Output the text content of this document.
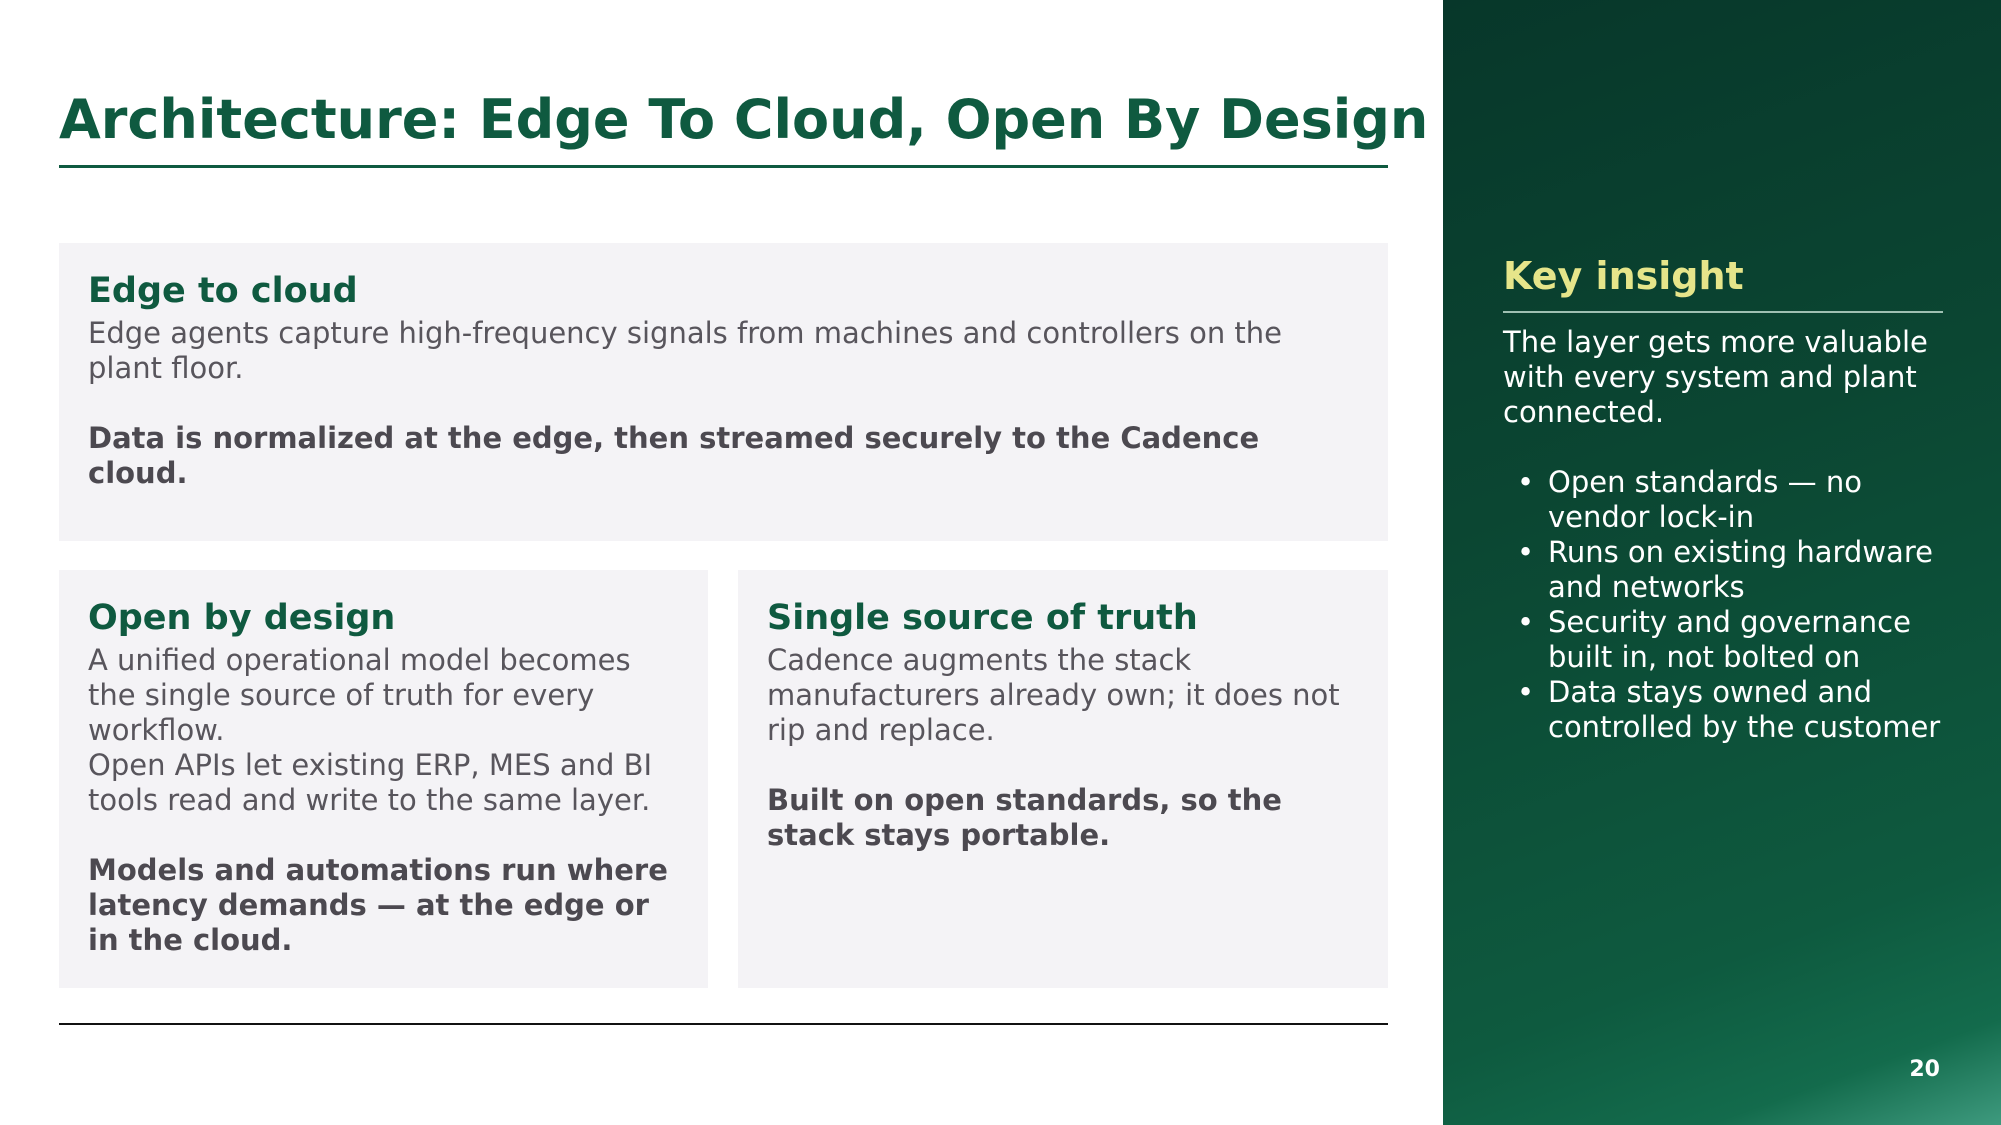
Architecture: Edge To Cloud, Open By Design
Edge to cloud

Edge agents capture high-frequency signals from machines and controllers on the plant floor.

Data is normalized at the edge, then streamed securely to the Cadence cloud.

Open by design

A unified operational model becomes the single source of truth for every workflow.

Open APIs let existing ERP, MES and BI tools read and write to the same layer.

Models and automations run where latency demands — at the edge or in the cloud.

Single source of truth

Cadence augments the stack manufacturers already own; it does not rip and replace.

Built on open standards, so the stack stays portable.

Key insight

The layer gets more valuable with every system and plant connected.

• Open standards — no vendor lock-in
• Runs on existing hardware and networks
• Security and governance built in, not bolted on
• Data stays owned and controlled by the customer
20
